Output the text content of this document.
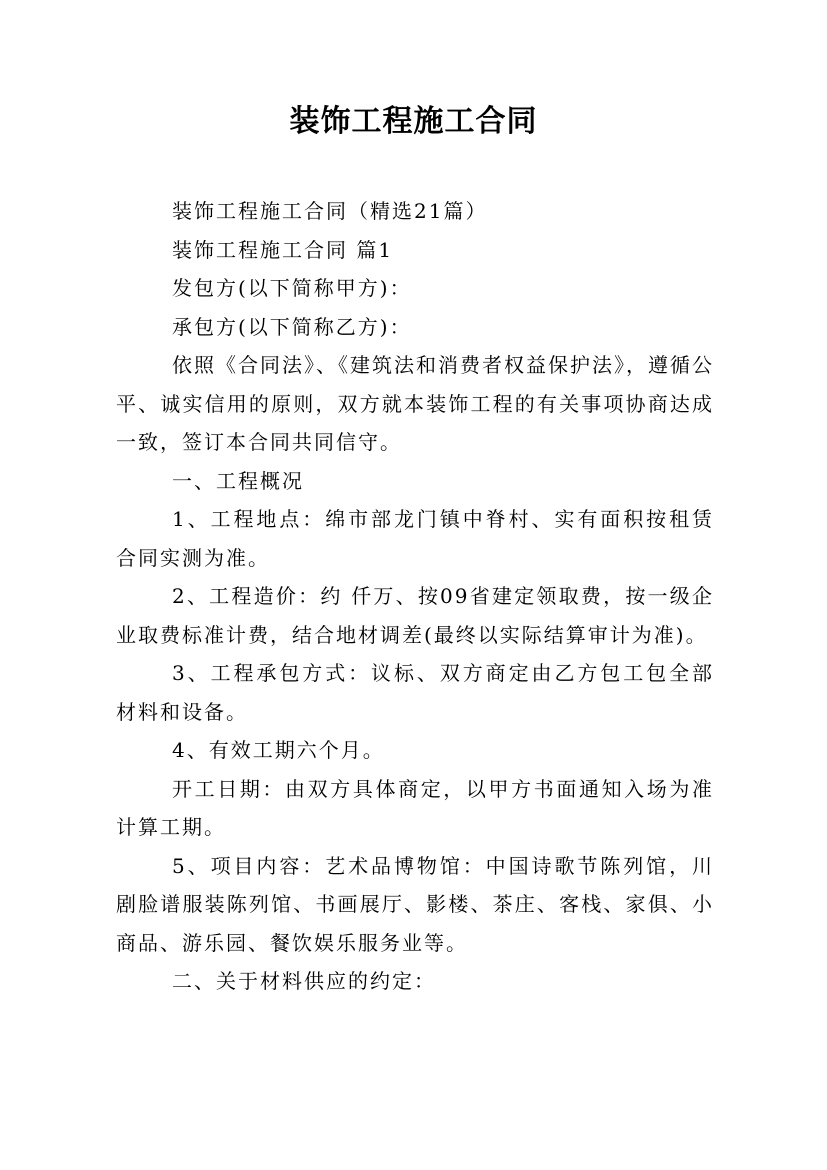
装饰工程施工合同

装饰工程施工合同（精选21篇）

装饰工程施工合同 篇1

发包方(以下简称甲方)：

承包方(以下简称乙方)：

依照《合同法》、《建筑法和消费者权益保护法》，遵循公平、诚实信用的原则，双方就本装饰工程的有关事项协商达成一致，签订本合同共同信守。

一、工程概况

1、工程地点：绵市部龙门镇中脊村、实有面积按租赁合同实测为准。

2、工程造价：约 仟万、按09省建定领取费，按一级企业取费标准计费，结合地材调差(最终以实际结算审计为准)。

3、工程承包方式：议标、双方商定由乙方包工包全部材料和设备。

4、有效工期六个月。

开工日期：由双方具体商定，以甲方书面通知入场为准计算工期。

5、项目内容：艺术品博物馆：中国诗歌节陈列馆，川剧脸谱服装陈列馆、书画展厅、影楼、茶庄、客栈、家俱、小商品、游乐园、餐饮娱乐服务业等。

二、关于材料供应的约定：
